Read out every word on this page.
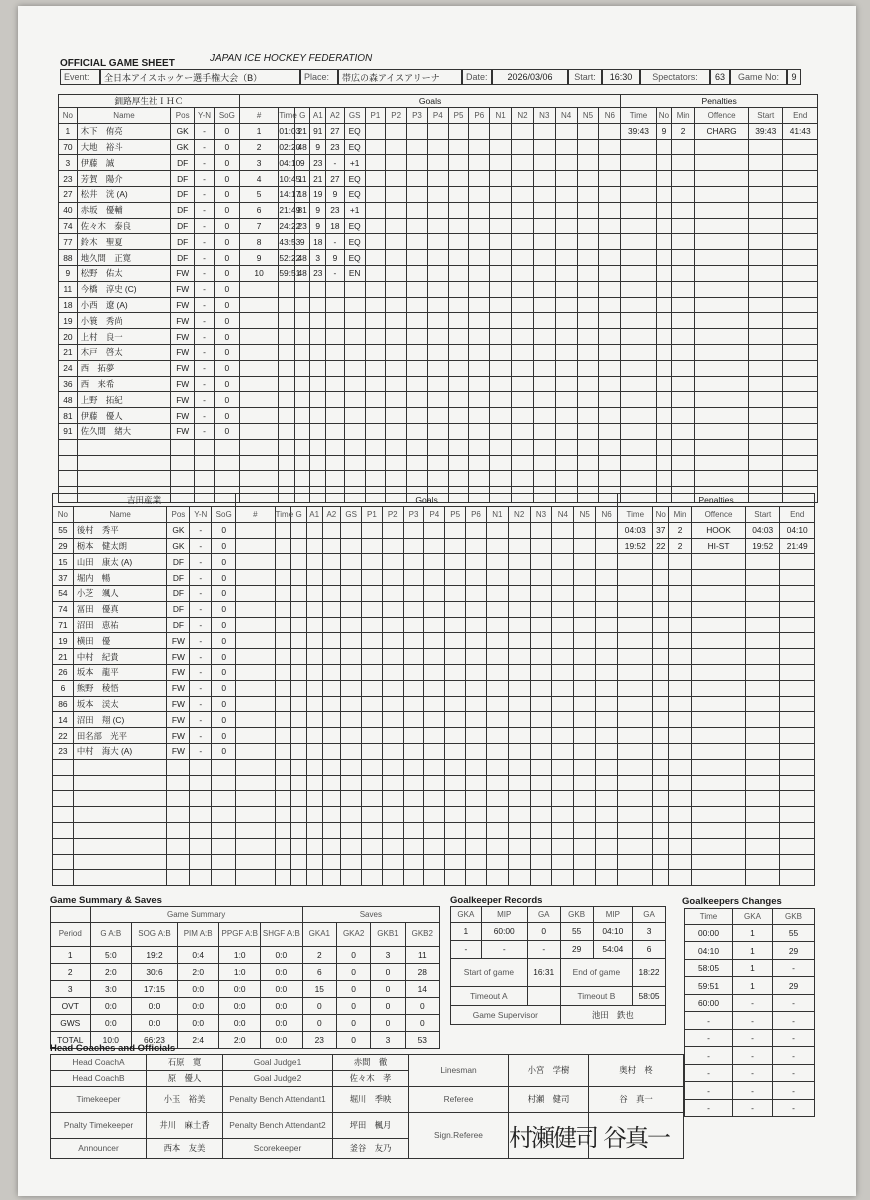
OFFICIAL GAME SHEET	JAPAN ICE HOCKEY FEDERATION
Event:	全日本アイスホッケー選手権大会（B）	Place:	帯広の森アイスアリーナ	Date:	2026/03/06	Start:	16:30	Spectators:	63	Game No:	9
釧路厚生社ＩＨＣ					Goals																		Penalties					
No	Name	Pos	Y-N	SoG	#	Time	G	A1	A2	GS	P1	P2	P3	P4	P5	P6	N1	N2	N3	N4	N5	N6	Time	No	Min	Offence	Start	End
1	木下　侑亮	GK	-	0	1	01:03	21	91	27	EQ													39:43	9	2	CHARG	39:43	41:43
70	大地　裕斗	GK	-	0	2	02:20	48	9	23	EQ																		
3	伊藤　誠	DF	-	0	3	04:10	9	23	-	+1																		
23	芳賀　陽介	DF	-	0	4	10:45	11	21	27	EQ																		
27	松井　洸 (A)	DF	-	0	5	14:17	18	19	9	EQ																		
40	赤坂　優輔	DF	-	0	6	21:49	81	9	23	+1																		
74	佐々木　泰良	DF	-	0	7	24:22	23	9	18	EQ																		
77	鈴木　聖夏	DF	-	0	8	43:53	9	18	-	EQ																		
88	地久間　正寛	DF	-	0	9	52:22	48	3	9	EQ																		
9	松野　佑太	FW	-	0	10	59:51	48	23	-	EN																		
11	今橋　淳史 (C)	FW	-	0																								
18	小西　遼 (A)	FW	-	0																								
19	小簑　秀尚	FW	-	0																								
20	上村　良一	FW	-	0																								
21	木戸　啓太	FW	-	0																								
24	西　拓夢	FW	-	0																								
36	西　来希	FW	-	0																								
48	上野　拓紀	FW	-	0																								
81	伊藤　優人	FW	-	0																								
91	佐久間　緒大	FW	-	0																								

吉田産業					Goals																		Penalties					
No	Name	Pos	Y-N	SoG	#	Time	G	A1	A2	GS	P1	P2	P3	P4	P5	P6	N1	N2	N3	N4	N5	N6	Time	No	Min	Offence	Start	End
55	後村　秀平	GK	-	0																			04:03	37	2	HOOK	04:03	04:10
29	栃本　健太朗	GK	-	0																			19:52	22	2	HI-ST	19:52	21:49
15	山田　康太 (A)	DF	-	0																								
37	堀内　暢	DF	-	0																								
54	小芝　颯人	DF	-	0																								
74	冨田　優真	DF	-	0																								
71	沼田　恵祐	DF	-	0																								
19	横田　優	FW	-	0																								
21	中村　紀貴	FW	-	0																								
26	坂本　龍平	FW	-	0																								
6	熊野　稜悟	FW	-	0																								
86	坂本　渓太	FW	-	0																								
14	沼田　翔 (C)	FW	-	0																								
22	田名部　光平	FW	-	0																								
23	中村　海大 (A)	FW	-	0																								

Game Summary & Saves
	Game Summary					Saves			
Period	G A:B	SOG A:B	PIM A:B	PPGF A:B	SHGF A:B	GKA1	GKA2	GKB1	GKB2
1	5:0	19:2	0:4	1:0	0:0	2	0	3	11
2	2:0	30:6	2:0	1:0	0:0	6	0	0	28
3	3:0	17:15	0:0	0:0	0:0	15	0	0	14
OVT	0:0	0:0	0:0	0:0	0:0	0	0	0	0
GWS	0:0	0:0	0:0	0:0	0:0	0	0	0	0
TOTAL	10:0	66:23	2:4	2:0	0:0	23	0	3	53
Goalkeeper Records
GKA	MIP	GA	GKB	MIP	GA
1	60:00	0	55	04:10	3
-	-	-	29	54:04	6
Start of game		16:31	End of game		18:22
Timeout A			Timeout B		58:05
Game Supervisor			池田　鉄也		
Goalkeepers Changes
Time	GKA	GKB
00:00	1	55
04:10	1	29
58:05	1	-
59:51	1	29
60:00	-	-
-	-	-
-	-	-
-	-	-
-	-	-
-	-	-
-	-	-
Head Coaches and Officials
Head CoachA	石原　寛	Goal Judge1	赤間　徹	Linesman	小宮　学樹	奥村　柊
Head CoachB	原　優人	Goal Judge2	佐々木　孝			
Timekeeper	小玉　裕美	Penalty Bench Attendant1	堀川　季映	Referee	村瀬　健司	谷　真一
Pnalty Timekeeper	井川　麻土香	Penalty Bench Attendant2	坪田　楓月	Sign.Referee	村瀬健司	谷真一
Announcer	西本　友美	Scorekeeper	釜谷　友乃			
